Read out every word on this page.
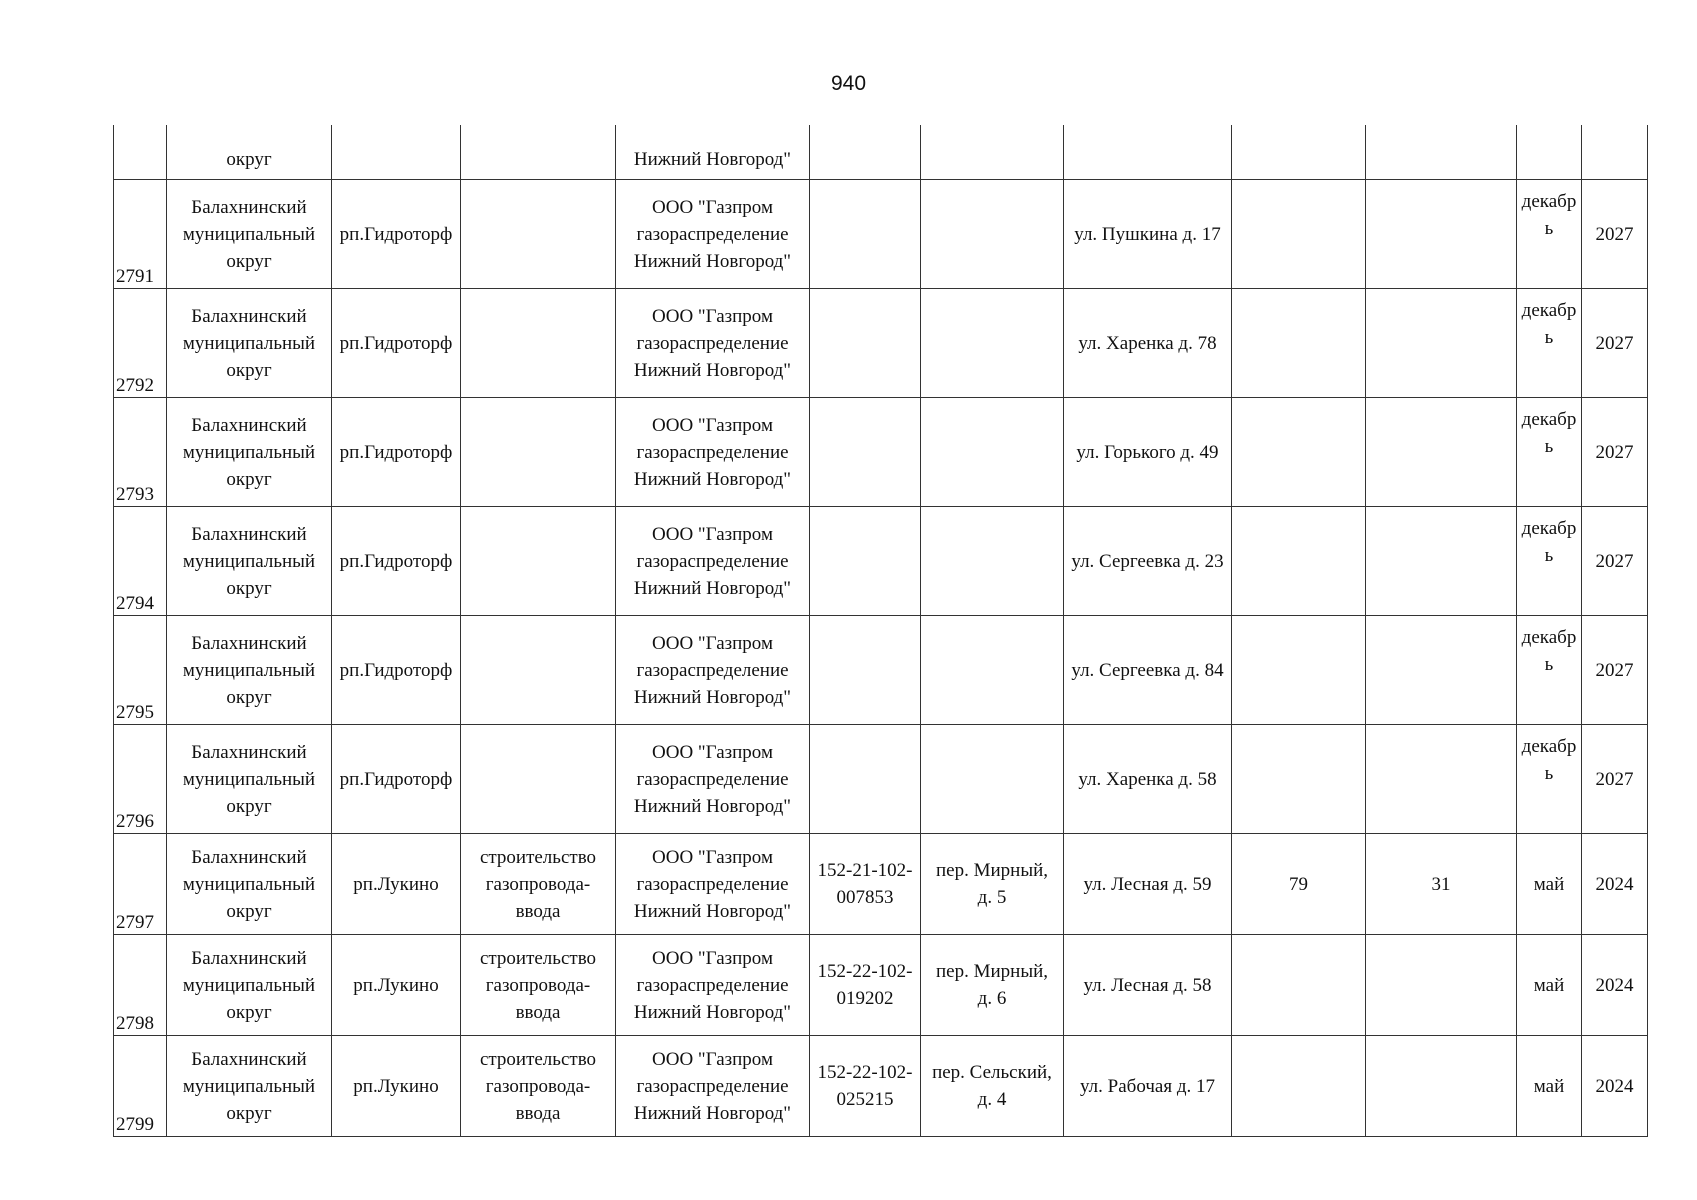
940
	округ			Нижний Новгород"							

2791	Балахнинский
муниципальный
округ	рп.Гидроторф		ООО "Газпром
газораспределение
Нижний Новгород"			ул. Пушкина д. 17			декабр
ь	2027

2792	Балахнинский
муниципальный
округ	рп.Гидроторф		ООО "Газпром
газораспределение
Нижний Новгород"			ул. Харенка д. 78			декабр
ь	2027

2793	Балахнинский
муниципальный
округ	рп.Гидроторф		ООО "Газпром
газораспределение
Нижний Новгород"			ул. Горького д. 49			декабр
ь	2027

2794	Балахнинский
муниципальный
округ	рп.Гидроторф		ООО "Газпром
газораспределение
Нижний Новгород"			ул. Сергеевка д. 23			декабр
ь	2027

2795	Балахнинский
муниципальный
округ	рп.Гидроторф		ООО "Газпром
газораспределение
Нижний Новгород"			ул. Сергеевка д. 84			декабр
ь	2027

2796	Балахнинский
муниципальный
округ	рп.Гидроторф		ООО "Газпром
газораспределение
Нижний Новгород"			ул. Харенка д. 58			декабр
ь	2027

2797	Балахнинский
муниципальный
округ	рп.Лукино	строительство
газопровода-
ввода	ООО "Газпром
газораспределение
Нижний Новгород"	152-21-102-
007853	пер. Мирный,
д. 5	ул. Лесная д. 59	79	31	май	2024

2798	Балахнинский
муниципальный
округ	рп.Лукино	строительство
газопровода-
ввода	ООО "Газпром
газораспределение
Нижний Новгород"	152-22-102-
019202	пер. Мирный,
д. 6	ул. Лесная д. 58			май	2024

2799	Балахнинский
муниципальный
округ	рп.Лукино	строительство
газопровода-
ввода	ООО "Газпром
газораспределение
Нижний Новгород"	152-22-102-
025215	пер. Сельский,
д. 4	ул. Рабочая д. 17			май	2024
